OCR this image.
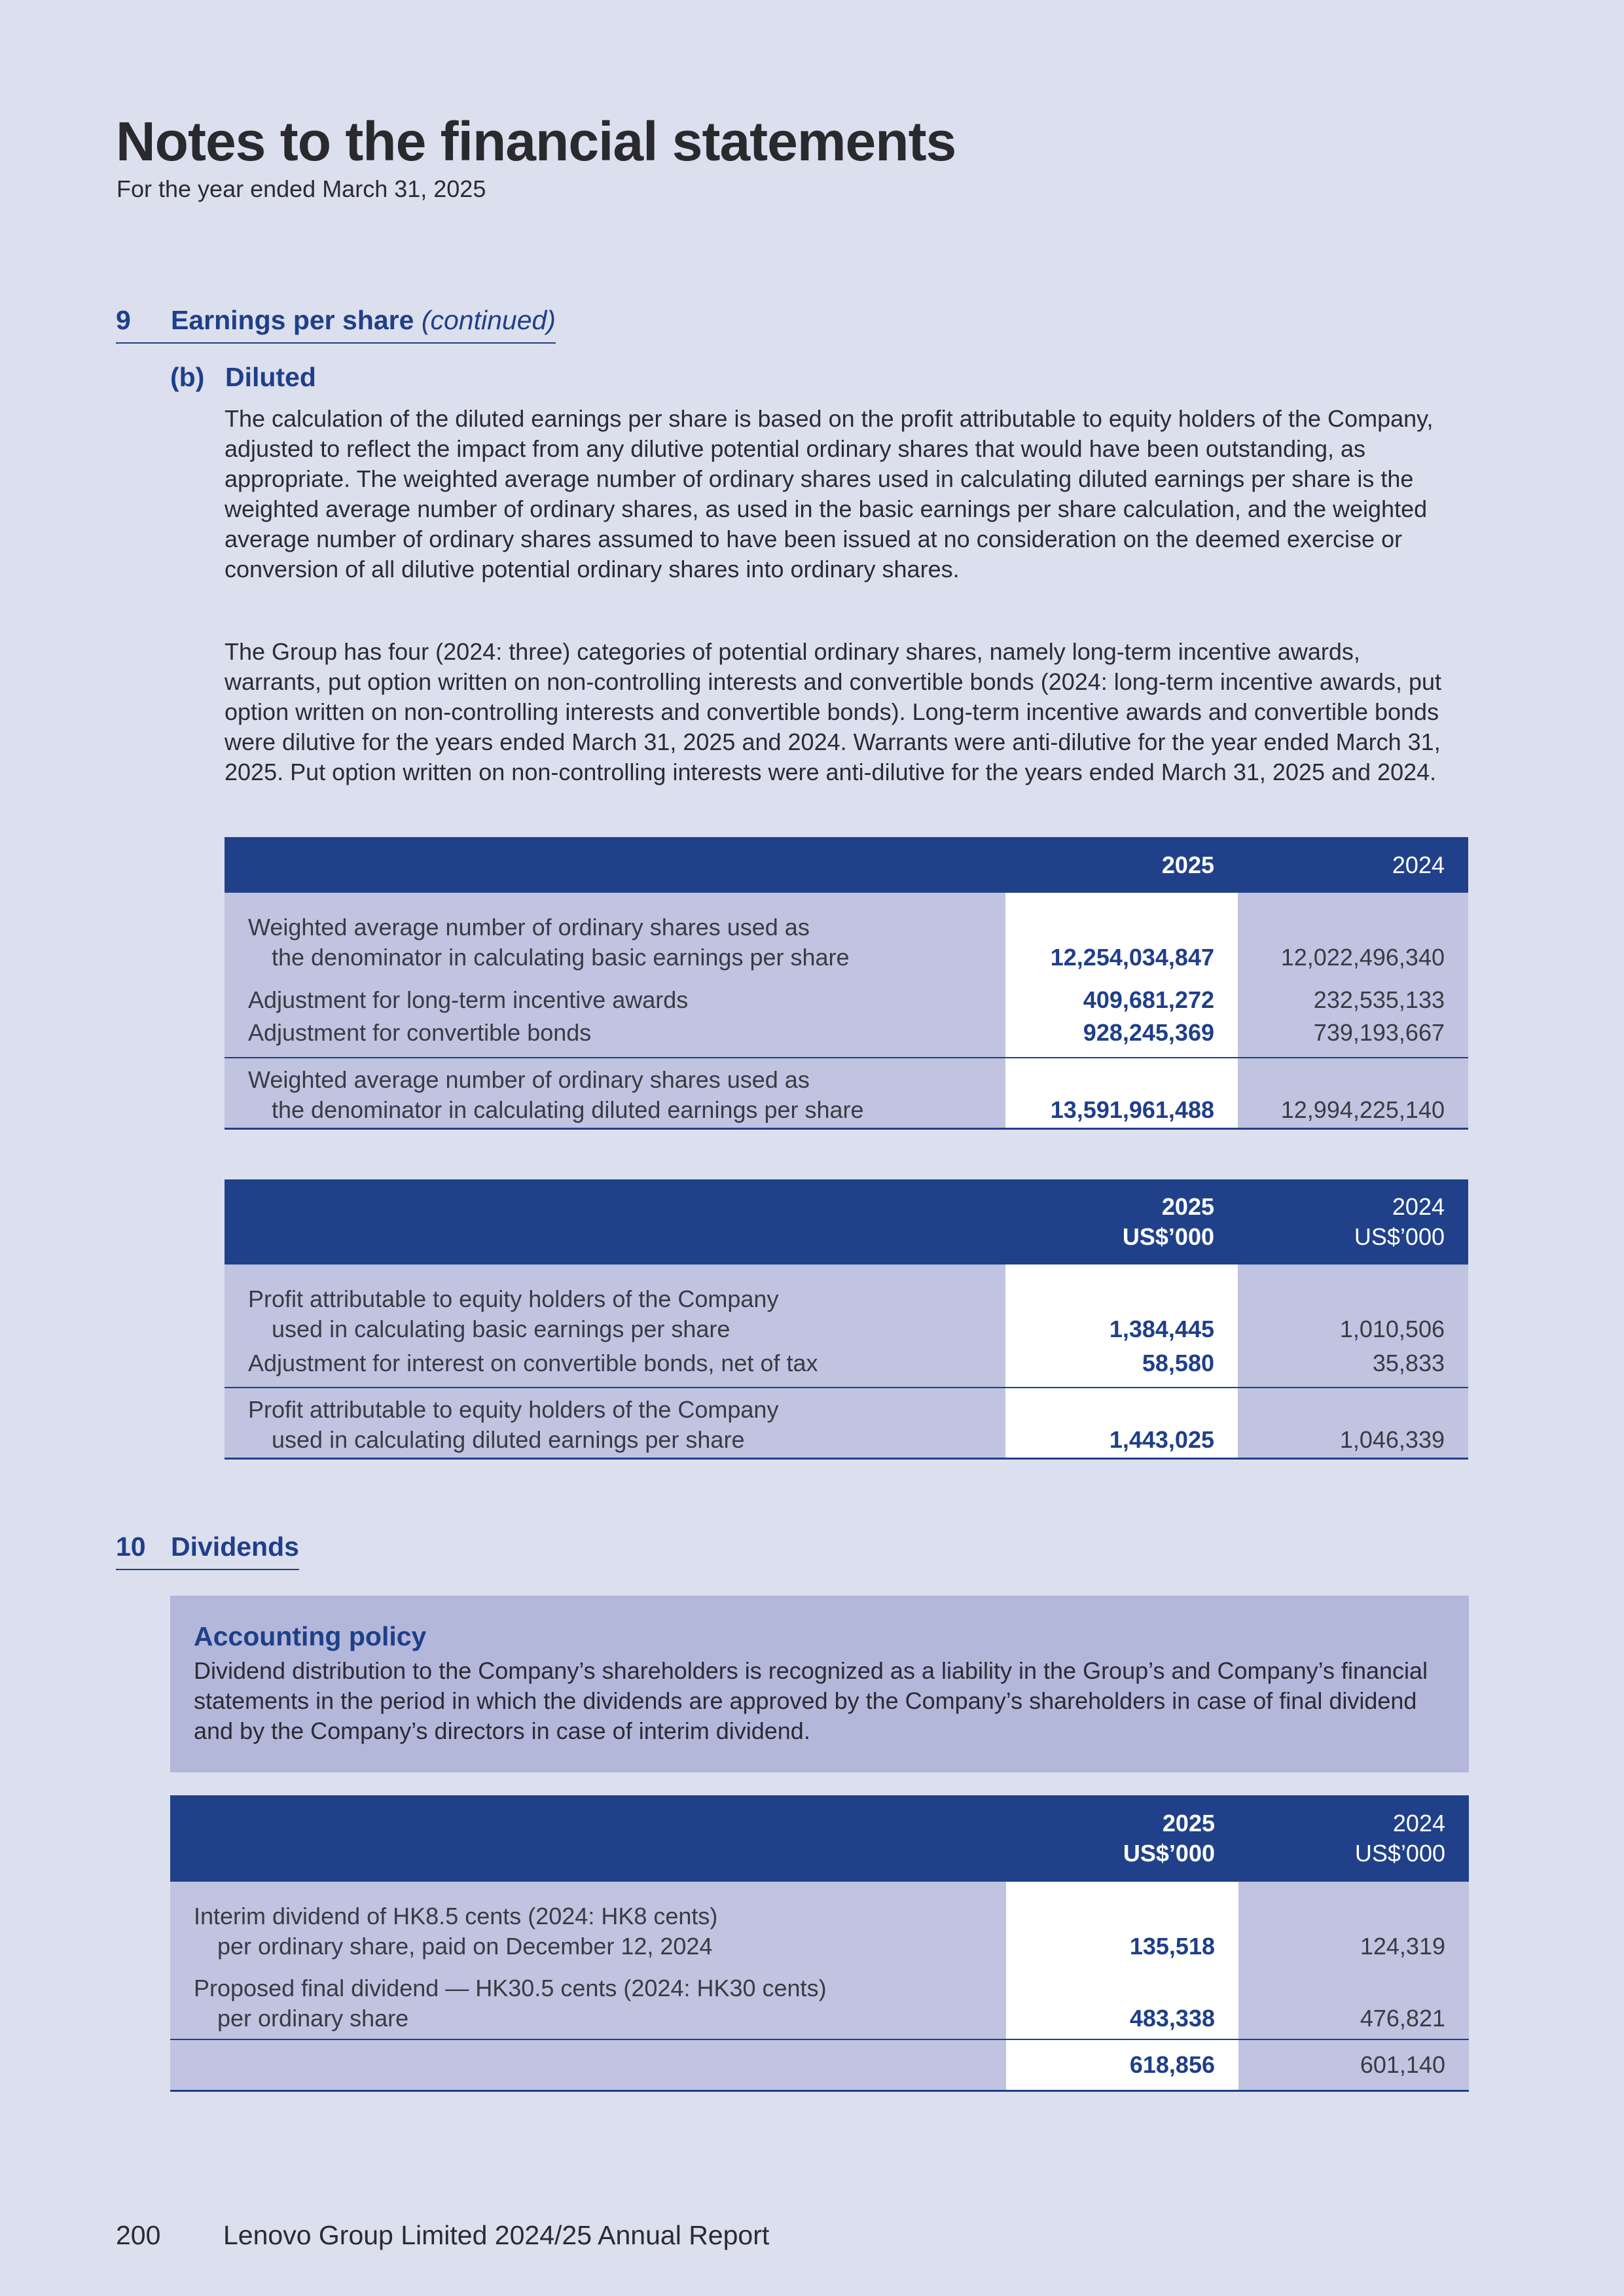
Notes to the financial statements
For the year ended March 31, 2025
9 Earnings per share (continued)
(b) Diluted
The calculation of the diluted earnings per share is based on the profit attributable to equity holders of the Company, adjusted to reflect the impact from any dilutive potential ordinary shares that would have been outstanding, as appropriate. The weighted average number of ordinary shares used in calculating diluted earnings per share is the weighted average number of ordinary shares, as used in the basic earnings per share calculation, and the weighted average number of ordinary shares assumed to have been issued at no consideration on the deemed exercise or conversion of all dilutive potential ordinary shares into ordinary shares.
The Group has four (2024: three) categories of potential ordinary shares, namely long-term incentive awards, warrants, put option written on non-controlling interests and convertible bonds (2024: long-term incentive awards, put option written on non-controlling interests and convertible bonds). Long-term incentive awards and convertible bonds were dilutive for the years ended March 31, 2025 and 2024. Warrants were anti-dilutive for the year ended March 31, 2025. Put option written on non-controlling interests were anti-dilutive for the years ended March 31, 2025 and 2024.
	2025	2024

Weighted average number of ordinary shares used as
the denominator in calculating basic earnings per share	12,254,034,847	12,022,496,340
Adjustment for long-term incentive awards	409,681,272	232,535,133
Adjustment for convertible bonds	928,245,369	739,193,667
Weighted average number of ordinary shares used as
the denominator in calculating diluted earnings per share	13,591,961,488	12,994,225,140
	2025
US$’000	2024
US$’000

Profit attributable to equity holders of the Company
used in calculating basic earnings per share	1,384,445	1,010,506
Adjustment for interest on convertible bonds, net of tax	58,580	35,833
Profit attributable to equity holders of the Company
used in calculating diluted earnings per share	1,443,025	1,046,339
10 Dividends
Accounting policy
Dividend distribution to the Company’s shareholders is recognized as a liability in the Group’s and Company’s financial statements in the period in which the dividends are approved by the Company’s shareholders in case of final dividend and by the Company’s directors in case of interim dividend.
	2025
US$’000	2024
US$’000

Interim dividend of HK8.5 cents (2024: HK8 cents)
per ordinary share, paid on December 12, 2024	135,518	124,319
Proposed final dividend — HK30.5 cents (2024: HK30 cents)
per ordinary share	483,338	476,821
	618,856	601,140
200 Lenovo Group Limited 2024/25 Annual Report
